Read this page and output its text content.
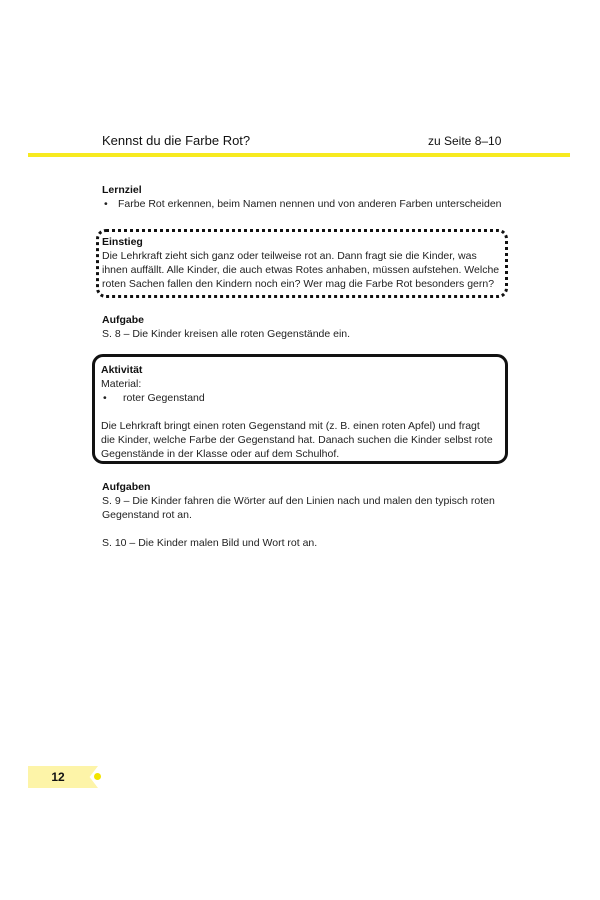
Kennst du die Farbe Rot?	zu Seite 8–10
Lernziel
• Farbe Rot erkennen, beim Namen nennen und von anderen Farben unterscheiden
Einstieg
Die Lehrkraft zieht sich ganz oder teilweise rot an. Dann fragt sie die Kinder, was
ihnen auffällt. Alle Kinder, die auch etwas Rotes anhaben, müssen aufstehen. Welche
roten Sachen fallen den Kindern noch ein? Wer mag die Farbe Rot besonders gern?
Aufgabe
S. 8 – Die Kinder kreisen alle roten Gegenstände ein.
Aktivität
Material:
•	roter Gegenstand
Die Lehrkraft bringt einen roten Gegenstand mit (z. B. einen roten Apfel) und fragt
die Kinder, welche Farbe der Gegenstand hat. Danach suchen die Kinder selbst rote
Gegenstände in der Klasse oder auf dem Schulhof.
Aufgaben
S. 9 – Die Kinder fahren die Wörter auf den Linien nach und malen den typisch roten
Gegenstand rot an.
S. 10 – Die Kinder malen Bild und Wort rot an.
12
